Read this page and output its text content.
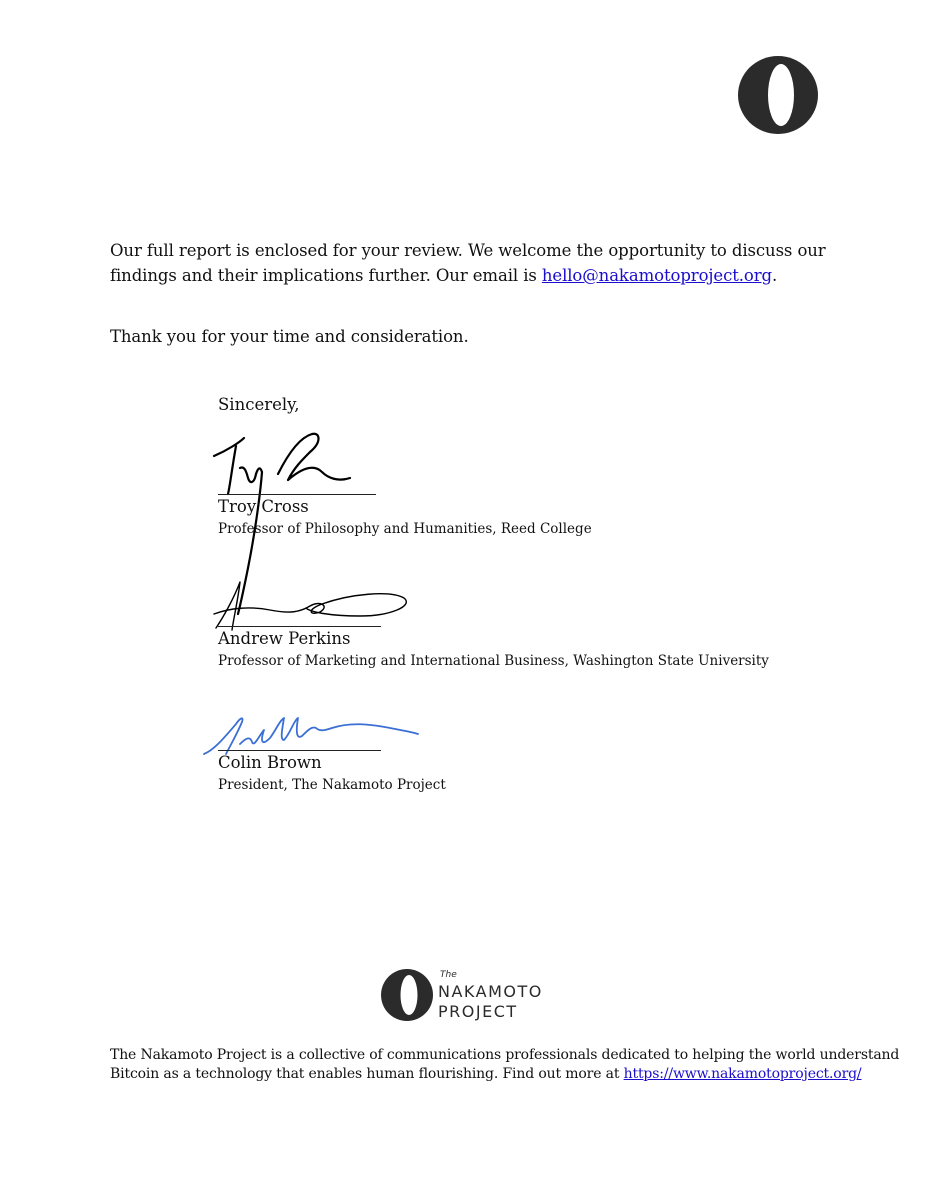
Our full report is enclosed for your review. We welcome the opportunity to discuss our
findings and their implications further. Our email is hello@nakamotoproject.org.
Thank you for your time and consideration.
Sincerely,
Troy Cross
Professor of Philosophy and Humanities, Reed College
Andrew Perkins
Professor of Marketing and International Business, Washington State University
Colin Brown
President, The Nakamoto Project
The
NAKAMOTO
PROJECT
The Nakamoto Project is a collective of communications professionals dedicated to helping the world understand
Bitcoin as a technology that enables human flourishing. Find out more at https://www.nakamotoproject.org/
